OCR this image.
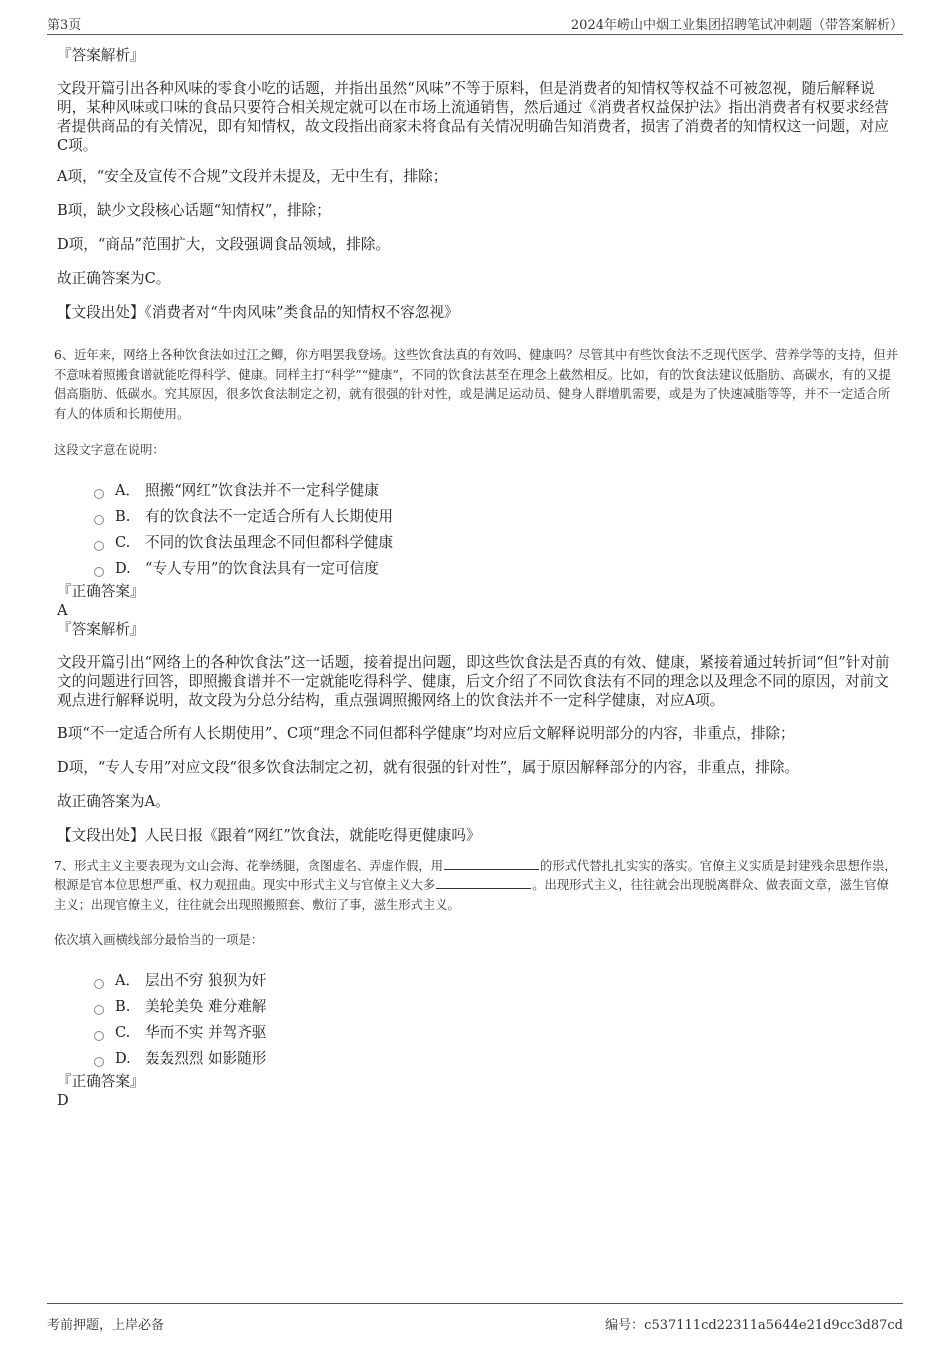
第3页	2024年崂山中烟工业集团招聘笔试冲刺题（带答案解析）
『答案解析』

文段开篇引出各种风味的零食小吃的话题，并指出虽然“风味”不等于原料，但是消费者的知情权等权益不可被忽视，随后解释说明，某种风味或口味的食品只要符合相关规定就可以在市场上流通销售，然后通过《消费者权益保护法》指出消费者有权要求经营者提供商品的有关情况，即有知情权，故文段指出商家未将食品有关情况明确告知消费者，损害了消费者的知情权这一问题，对应C项。

A项，“安全及宣传不合规”文段并未提及，无中生有，排除；

B项，缺少文段核心话题“知情权”，排除；

D项，“商品”范围扩大，文段强调食品领域，排除。

故正确答案为C。

【文段出处】《消费者对“牛肉风味”类食品的知情权不容忽视》

6、近年来，网络上各种饮食法如过江之鲫，你方唱罢我登场。这些饮食法真的有效吗、健康吗？尽管其中有些饮食法不乏现代医学、营养学等的支持，但并不意味着照搬食谱就能吃得科学、健康。同样主打“科学”“健康”，不同的饮食法甚至在理念上截然相反。比如，有的饮食法建议低脂肪、高碳水，有的又提倡高脂肪、低碳水。究其原因，很多饮食法制定之初，就有很强的针对性，或是满足运动员、健身人群增肌需要，或是为了快速减脂等等，并不一定适合所有人的体质和长期使用。

这段文字意在说明：

A． 照搬“网红”饮食法并不一定科学健康
B.	有的饮食法不一定适合所有人长期使用
C.	不同的饮食法虽理念不同但都科学健康
D. “专人专用”的饮食法具有一定可信度
『正确答案』
A
『答案解析』

文段开篇引出“网络上的各种饮食法”这一话题，接着提出问题，即这些饮食法是否真的有效、健康，紧接着通过转折词“但”针对前文的问题进行回答，即照搬食谱并不一定就能吃得科学、健康，后文介绍了不同饮食法有不同的理念以及理念不同的原因，对前文观点进行解释说明，故文段为分总分结构，重点强调照搬网络上的饮食法并不一定科学健康，对应A项。

B项“不一定适合所有人长期使用”、C项“理念不同但都科学健康”均对应后文解释说明部分的内容，非重点，排除；

D项，“专人专用”对应文段“很多饮食法制定之初，就有很强的针对性”，属于原因解释部分的内容，非重点，排除。

故正确答案为A。

【文段出处】人民日报《跟着“网红”饮食法，就能吃得更健康吗》

7、形式主义主要表现为文山会海、花拳绣腿，贪图虚名、弄虚作假，用	的形式代替扎扎实实的落实。官僚主义实质是封建残余思想作祟，根源是官本位思想严重、权力观扭曲。现实中形式主义与官僚主义大多	。出现形式主义，往往就会出现脱离群众、做表面文章，滋生官僚主义；出现官僚主义，往往就会出现照搬照套、敷衍了事，滋生形式主义。

依次填入画横线部分最恰当的一项是：

A． 层出不穷 狼狈为奸
B.	美轮美奂 难分难解
C.	华而不实 并驾齐驱
D. 轰轰烈烈 如影随形
『正确答案』
D
考前押题，上岸必备	编号：c537111cd22311a5644e21d9cc3d87cd
